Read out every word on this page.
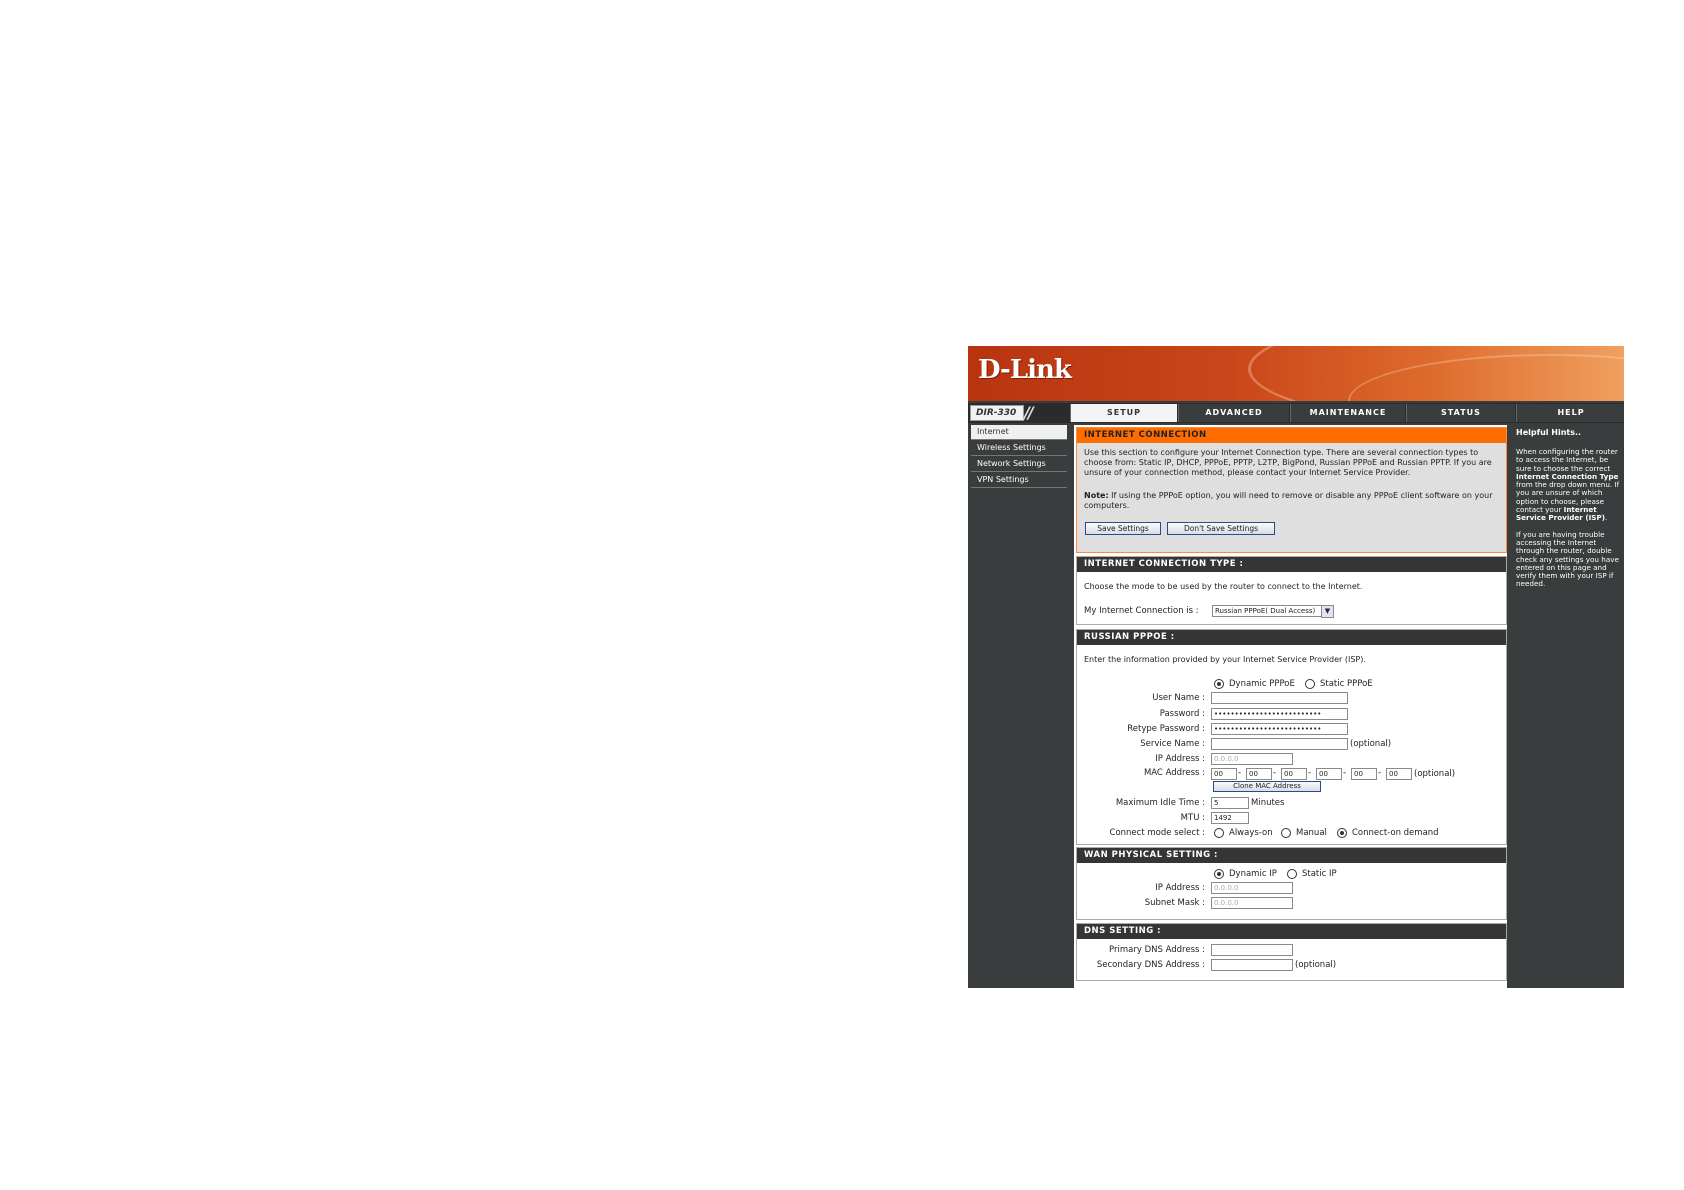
D-Link
DIR-330 //	SETUP	ADVANCED	MAINTENANCE	STATUS	HELP
Internet
Wireless Settings
Network Settings
VPN Settings
INTERNET CONNECTION
Use this section to configure your Internet Connection type. There are several connection types to choose from: Static IP, DHCP, PPPoE, PPTP, L2TP, BigPond, Russian PPPoE and Russian PPTP. If you are unsure of your connection method, please contact your Internet Service Provider.
Note: If using the PPPoE option, you will need to remove or disable any PPPoE client software on your computers.
Save Settings	Don't Save Settings
INTERNET CONNECTION TYPE :
Choose the mode to be used by the router to connect to the Internet.
My Internet Connection is :	Russian PPPoE( Dual Access)	▼
RUSSIAN PPPOE :
Enter the information provided by your Internet Service Provider (ISP).
Dynamic PPPoE	Static PPPoE
User Name :
Password :	••••••••••••••••••••••••••
Retype Password :	••••••••••••••••••••••••••
Service Name :	(optional)
IP Address :	0.0.0.0
MAC Address :	00	-	00	-	00	-	00	-	00	-	00	(optional)
Clone MAC Address
Maximum Idle Time :	5	Minutes
MTU :	1492
Connect mode select :	Always-on	Manual	Connect-on demand
WAN PHYSICAL SETTING :
Dynamic IP	Static IP
IP Address :	0.0.0.0
Subnet Mask :	0.0.0.0
DNS SETTING :
Primary DNS Address :
Secondary DNS Address :	(optional)
Helpful Hints..
When configuring the router to access the Internet, be sure to choose the correct Internet Connection Type from the drop down menu. If you are unsure of which option to choose, please contact your Internet Service Provider (ISP).
If you are having trouble accessing the Internet through the router, double check any settings you have entered on this page and verify them with your ISP if needed.
